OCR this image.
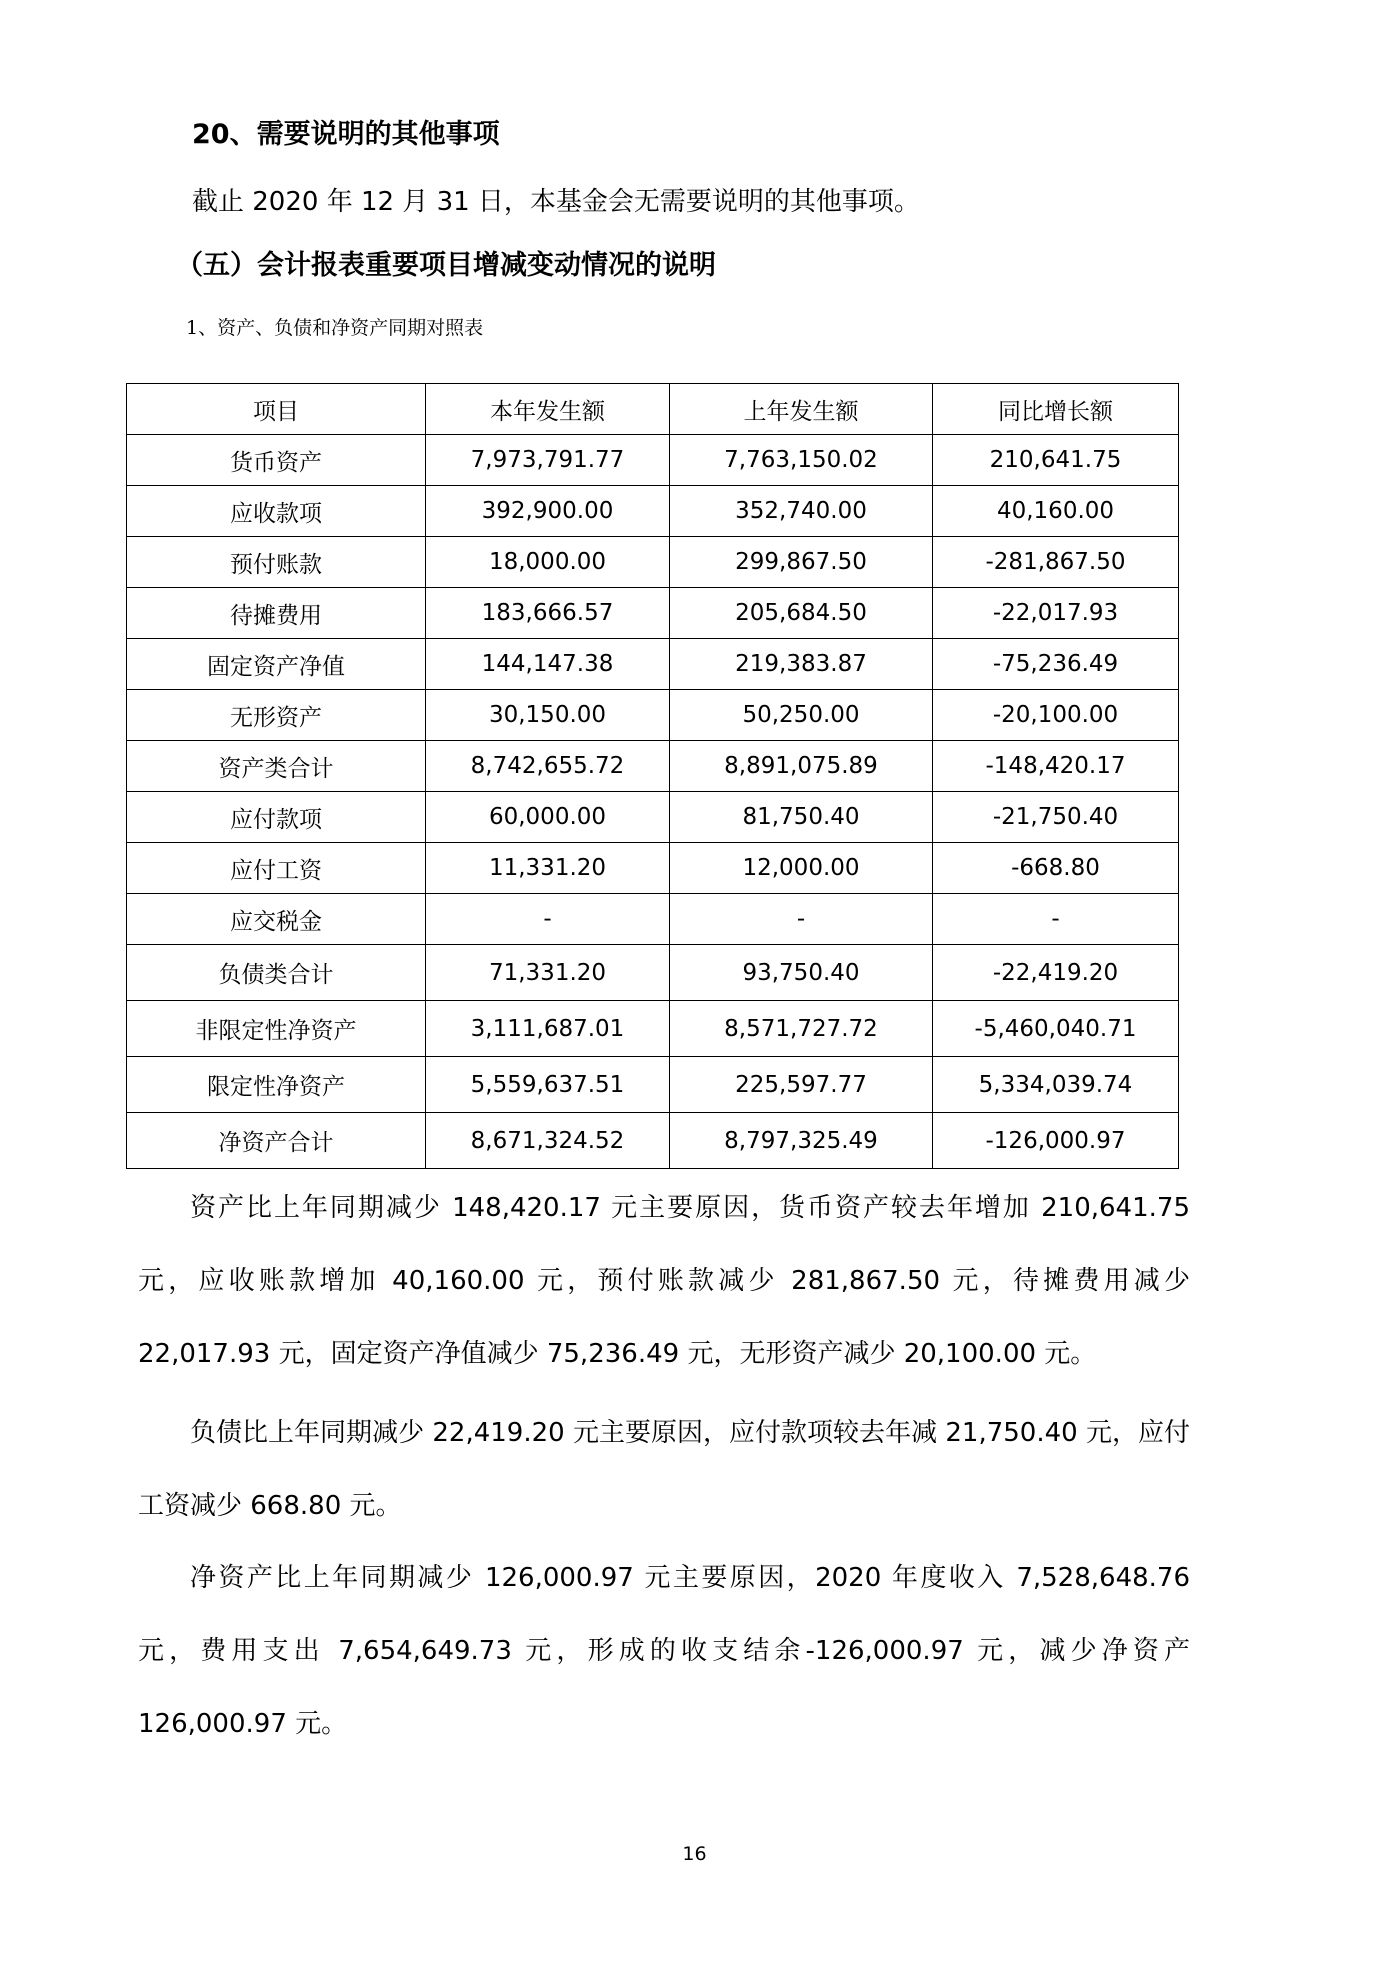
20、需要说明的其他事项
截止 2020 年 12 月 31 日，本基金会无需要说明的其他事项。
（五）会计报表重要项目增减变动情况的说明
1、资产、负债和净资产同期对照表
项目	本年发生额	上年发生额	同比增长额
货币资产	7,973,791.77	7,763,150.02	210,641.75
应收款项	392,900.00	352,740.00	40,160.00
预付账款	18,000.00	299,867.50	-281,867.50
待摊费用	183,666.57	205,684.50	-22,017.93
固定资产净值	144,147.38	219,383.87	-75,236.49
无形资产	30,150.00	50,250.00	-20,100.00
资产类合计	8,742,655.72	8,891,075.89	-148,420.17
应付款项	60,000.00	81,750.40	-21,750.40
应付工资	11,331.20	12,000.00	-668.80
应交税金	-	-	-
负债类合计	71,331.20	93,750.40	-22,419.20
非限定性净资产	3,111,687.01	8,571,727.72	-5,460,040.71
限定性净资产	5,559,637.51	225,597.77	5,334,039.74
净资产合计	8,671,324.52	8,797,325.49	-126,000.97
资产比上年同期减少 148,420.17 元主要原因，货币资产较去年增加 210,641.75 元，应收账款增加 40,160.00 元，预付账款减少 281,867.50 元，待摊费用减少 22,017.93 元，固定资产净值减少 75,236.49 元，无形资产减少 20,100.00 元。
负债比上年同期减少 22,419.20 元主要原因，应付款项较去年减 21,750.40 元，应付工资减少 668.80 元。
净资产比上年同期减少 126,000.97 元主要原因，2020 年度收入 7,528,648.76 元，费用支出 7,654,649.73 元，形成的收支结余-126,000.97 元，减少净资产 126,000.97 元。
16
